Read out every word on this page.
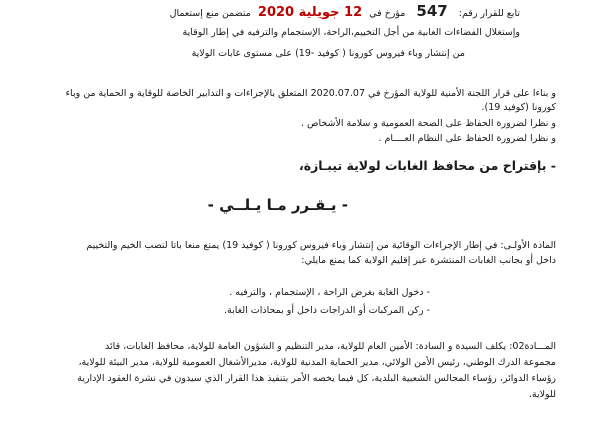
تابع للقرار رقم: 547 مؤرخ في 12 جويلية 2020 متضمن منع إستعمال
وإستغلال الفضاءات الغابية من أجل التخييم،الراحة، الإستجمام والترفيه في إطار الوقاية
من إنتشار وباء فيروس كورونا ( كوفيد -19) على مستوى غابات الولاية
و بناءا على قرار اللجنة الأمنية للولاية المؤرخ في 2020.07.07 المتعلق بالإجراءات و التدابير الخاصة للوقاية و الحماية من وباء
كورونا (كوفيد 19).
و نظرا لضرورة الحفاظ على الصحة العمومية و سلامة الأشخاص .
و نظرا لضرورة الحفاظ على النظام العــــام .
- بإقتراح من محافظ الغابات لولاية تيبـازة،
- يـقـرر مـا يـلــي -
المادة الأولـى: في إطار الإجراءات الوقائية من إنتشار وباء فيروس كورونا ( كوفيد 19) يمنع منعا باتا لتصب الخيم والتخييم
داخل أو بجانب الغابات المنتشرة عبر إقليم الولاية كما يمنع مايلي:
- دخول الغابة بغرض الراحة ، الإستجمام ، والترفيه .
- ركن المركبات أو الدراجات داخل أو بمحاذات الغابة.
المـــادة02: يكلف السيدة و السادة: الأمين العام للولاية، مدير التنظيم و الشؤون العامة للولاية، محافظ الغابات، قائد
مجموعة الدرك الوطني، رئيس الأمن الولائي، مدير الحماية المدنية للولاية، مديرالأشغال العمومية للولاية، مدير البيئة للولاية،
رؤساء الدوائر، رؤساء المجالس الشعبية البلدية، كل فيما يخصه الأمر بتنفيذ هذا القرار الذي سيدون في نشرة العقود الإدارية
للولاية.
